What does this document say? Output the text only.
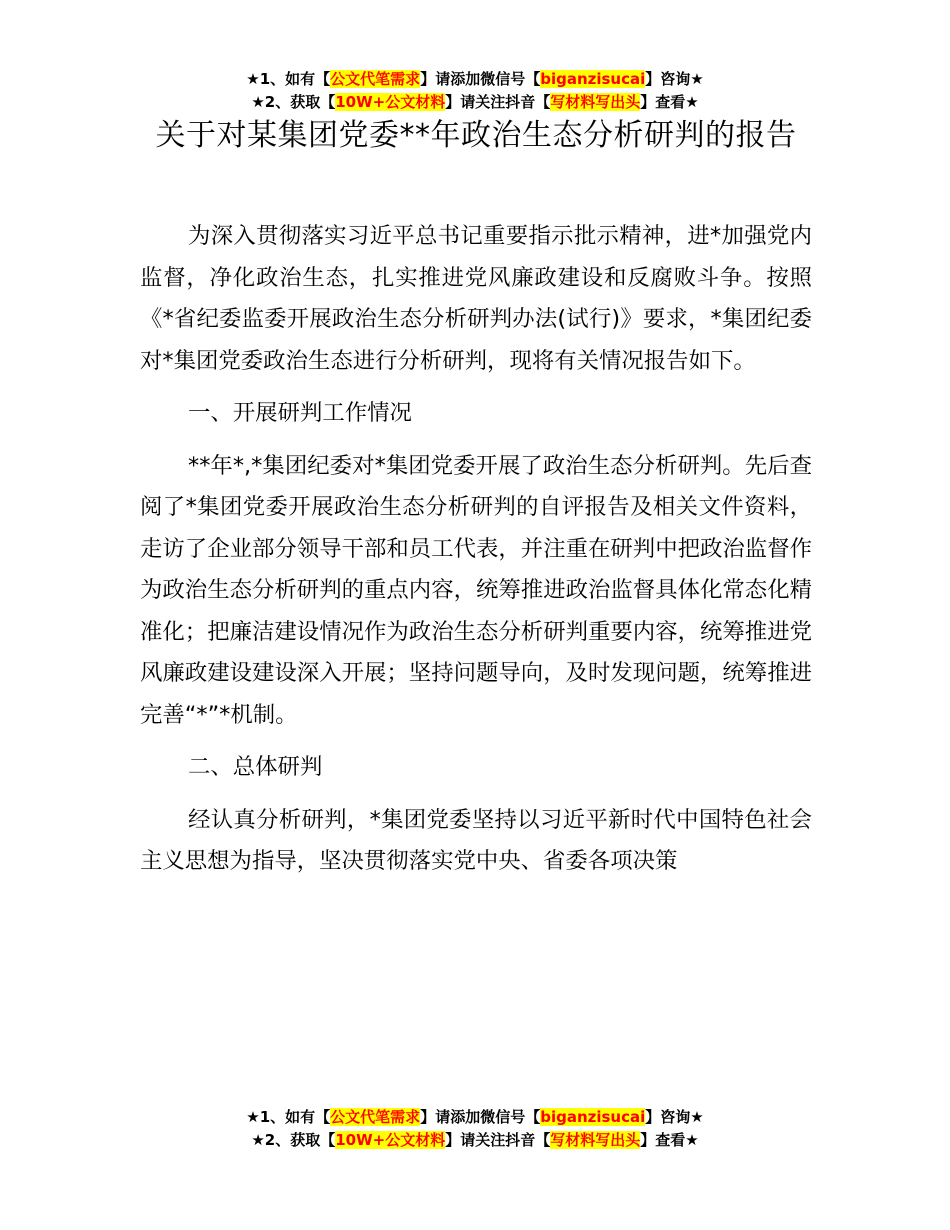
★1、如有【公文代笔需求】请添加微信号【biganzisucai】咨询★
★2、获取【10W+公文材料】请关注抖音【写材料写出头】查看★
关于对某集团党委**年政治生态分析研判的报告

为深入贯彻落实习近平总书记重要指示批示精神，进*加强党内监督，净化政治生态，扎实推进党风廉政建设和反腐败斗争。按照《*省纪委监委开展政治生态分析研判办法(试行)》要求，*集团纪委对*集团党委政治生态进行分析研判，现将有关情况报告如下。

一、开展研判工作情况

**年*,*集团纪委对*集团党委开展了政治生态分析研判。先后查阅了*集团党委开展政治生态分析研判的自评报告及相关文件资料，走访了企业部分领导干部和员工代表，并注重在研判中把政治监督作为政治生态分析研判的重点内容，统筹推进政治监督具体化常态化精准化；把廉洁建设情况作为政治生态分析研判重要内容，统筹推进党风廉政建设建设深入开展；坚持问题导向，及时发现问题，统筹推进完善“*”*机制。

二、总体研判

经认真分析研判，*集团党委坚持以习近平新时代中国特色社会主义思想为指导，坚决贯彻落实党中央、省委各项决策

★1、如有【公文代笔需求】请添加微信号【biganzisucai】咨询★
★2、获取【10W+公文材料】请关注抖音【写材料写出头】查看★
